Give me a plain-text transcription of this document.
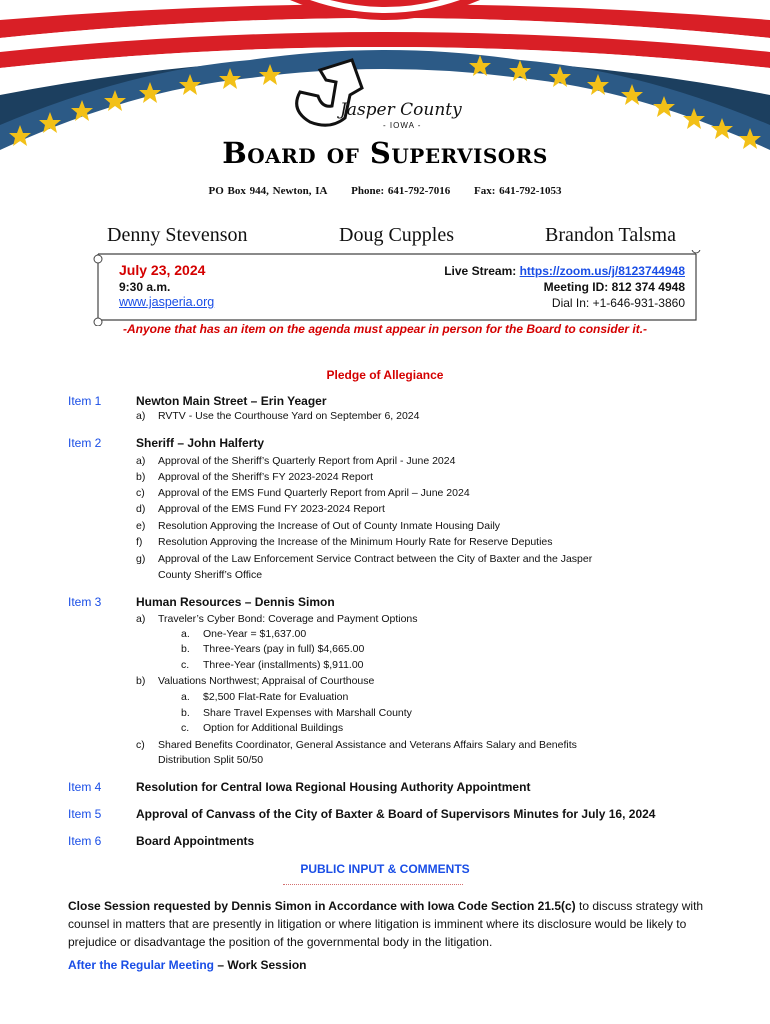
Jasper County
- IOWA -
Board of Supervisors
PO Box 944, Newton, IA Phone: 641-792-7016 Fax: 641-792-1053
Denny Stevenson	Doug Cupples	Brandon Talsma
July 23, 2024
9:30 a.m.
www.jasperia.org
Live Stream: https://zoom.us/j/8123744948
Meeting ID: 812 374 4948
Dial In: +1-646-931-3860
-Anyone that has an item on the agenda must appear in person for the Board to consider it.-
Pledge of Allegiance
Item 1	Newton Main Street – Erin Yeager
a) RVTV - Use the Courthouse Yard on September 6, 2024
Item 2	Sheriff – John Halferty
a) Approval of the Sheriff’s Quarterly Report from April - June 2024
b) Approval of the Sheriff’s FY 2023-2024 Report
c) Approval of the EMS Fund Quarterly Report from April – June 2024
d) Approval of the EMS Fund FY 2023-2024 Report
e) Resolution Approving the Increase of Out of County Inmate Housing Daily
f) Resolution Approving the Increase of the Minimum Hourly Rate for Reserve Deputies
g) Approval of the Law Enforcement Service Contract between the City of Baxter and the Jasper
County Sheriff’s Office
Item 3	Human Resources – Dennis Simon
a) Traveler’s Cyber Bond: Coverage and Payment Options
a. One-Year = $1,637.00
b. Three-Years (pay in full) $4,665.00
c. Three-Year (installments) $,911.00
b) Valuations Northwest; Appraisal of Courthouse
a. $2,500 Flat-Rate for Evaluation
b. Share Travel Expenses with Marshall County
c. Option for Additional Buildings
c) Shared Benefits Coordinator, General Assistance and Veterans Affairs Salary and Benefits
Distribution Split 50/50
Item 4	Resolution for Central Iowa Regional Housing Authority Appointment
Item 5	Approval of Canvass of the City of Baxter & Board of Supervisors Minutes for July 16, 2024
Item 6	Board Appointments
PUBLIC INPUT & COMMENTS
Close Session requested by Dennis Simon in Accordance with Iowa Code Section 21.5(c) to discuss strategy with counsel in matters that are presently in litigation or where litigation is imminent where its disclosure would be likely to prejudice or disadvantage the position of the governmental body in the litigation.
After the Regular Meeting – Work Session
